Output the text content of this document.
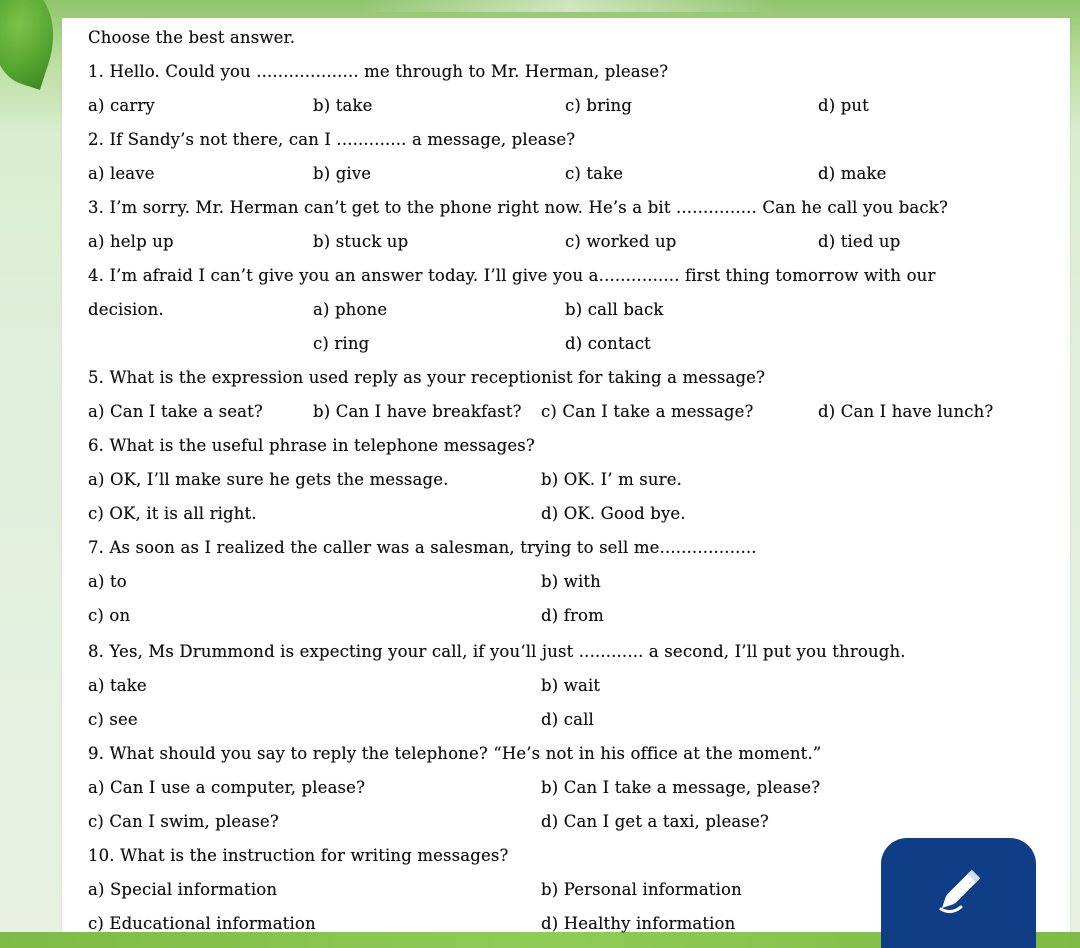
Choose the best answer.
1. Hello. Could you ................... me through to Mr. Herman, please?
a) carry	b) take	c) bring	d) put
2. If Sandy’s not there, can I ............. a message, please?
a) leave	b) give	c) take	d) make
3. I’m sorry. Mr. Herman can’t get to the phone right now. He’s a bit ............... Can he call you back?
a) help up	b) stuck up	c) worked up	d) tied up
4. I’m afraid I can’t give you an answer today. I’ll give you a............... first thing tomorrow with our
decision.	a) phone	b) call back
c) ring	d) contact
5. What is the expression used reply as your receptionist for taking a message?
a) Can I take a seat?	b) Can I have breakfast? c) Can I take a message?	d) Can I have lunch?
6. What is the useful phrase in telephone messages?
a) OK, I’ll make sure he gets the message.	b) OK. I’ m sure.
c) OK, it is all right.	d) OK. Good bye.
7. As soon as I realized the caller was a salesman, trying to sell me..................
a) to	b) with
c) on	d) from
8. Yes, Ms Drummond is expecting your call, if you‘ll just ............ a second, I’ll put you through.
a) take	b) wait
c) see	d) call
9. What should you say to reply the telephone? “He’s not in his office at the moment.”
a) Can I use a computer, please?	b) Can I take a message, please?
c) Can I swim, please?	d) Can I get a taxi, please?
10. What is the instruction for writing messages?
a) Special information	b) Personal information
c) Educational information	d) Healthy information
